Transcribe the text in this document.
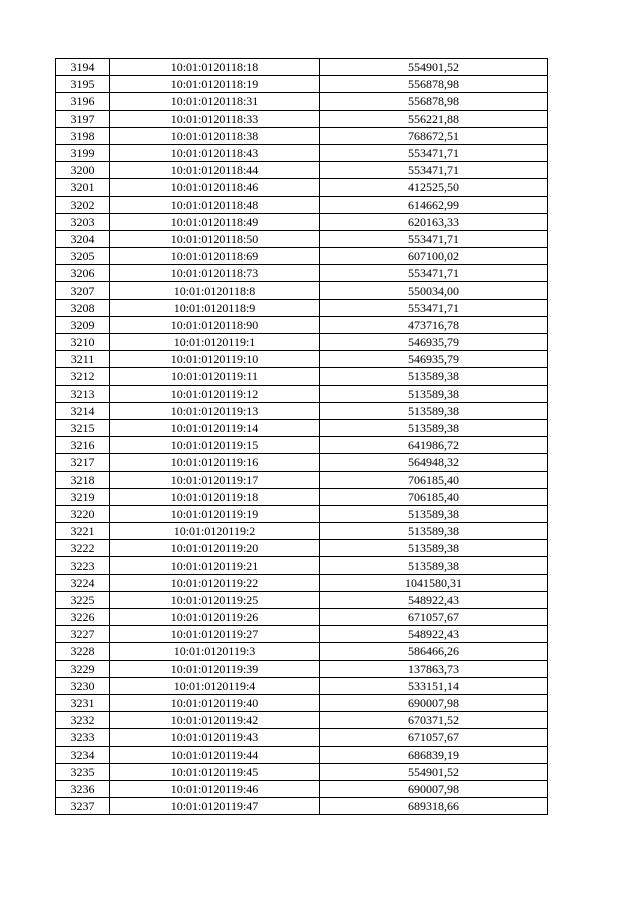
3194	10:01:0120118:18	554901,52
3195	10:01:0120118:19	556878,98
3196	10:01:0120118:31	556878,98
3197	10:01:0120118:33	556221,88
3198	10:01:0120118:38	768672,51
3199	10:01:0120118:43	553471,71
3200	10:01:0120118:44	553471,71
3201	10:01:0120118:46	412525,50
3202	10:01:0120118:48	614662,99
3203	10:01:0120118:49	620163,33
3204	10:01:0120118:50	553471,71
3205	10:01:0120118:69	607100,02
3206	10:01:0120118:73	553471,71
3207	10:01:0120118:8	550034,00
3208	10:01:0120118:9	553471,71
3209	10:01:0120118:90	473716,78
3210	10:01:0120119:1	546935,79
3211	10:01:0120119:10	546935,79
3212	10:01:0120119:11	513589,38
3213	10:01:0120119:12	513589,38
3214	10:01:0120119:13	513589,38
3215	10:01:0120119:14	513589,38
3216	10:01:0120119:15	641986,72
3217	10:01:0120119:16	564948,32
3218	10:01:0120119:17	706185,40
3219	10:01:0120119:18	706185,40
3220	10:01:0120119:19	513589,38
3221	10:01:0120119:2	513589,38
3222	10:01:0120119:20	513589,38
3223	10:01:0120119:21	513589,38
3224	10:01:0120119:22	1041580,31
3225	10:01:0120119:25	548922,43
3226	10:01:0120119:26	671057,67
3227	10:01:0120119:27	548922,43
3228	10:01:0120119:3	586466,26
3229	10:01:0120119:39	137863,73
3230	10:01:0120119:4	533151,14
3231	10:01:0120119:40	690007,98
3232	10:01:0120119:42	670371,52
3233	10:01:0120119:43	671057,67
3234	10:01:0120119:44	686839,19
3235	10:01:0120119:45	554901,52
3236	10:01:0120119:46	690007,98
3237	10:01:0120119:47	689318,66
